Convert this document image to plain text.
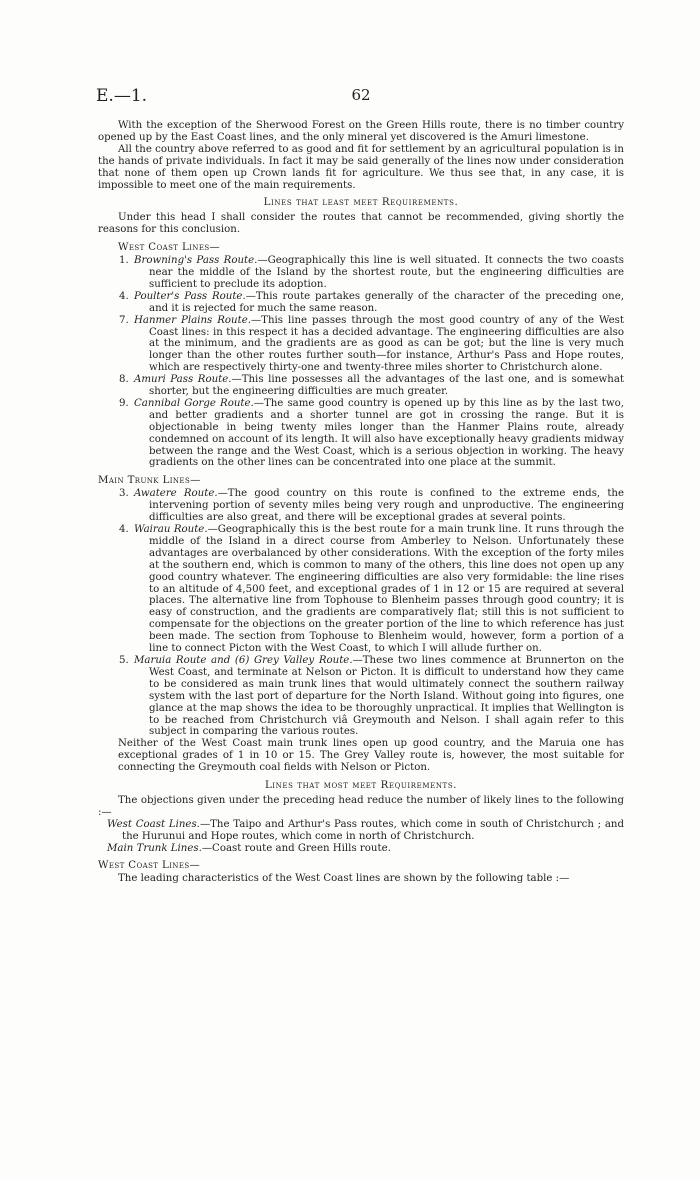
E.—1.	62

With the exception of the Sherwood Forest on the Green Hills route, there is no timber country opened up by the East Coast lines, and the only mineral yet discovered is the Amuri limestone.

All the country above referred to as good and fit for settlement by an agricultural population is in the hands of private individuals. In fact it may be said generally of the lines now under consideration that none of them open up Crown lands fit for agriculture. We thus see that, in any case, it is impossible to meet one of the main requirements.

Lines that least meet Requirements.

Under this head I shall consider the routes that cannot be recommended, giving shortly the reasons for this conclusion.

West Coast Lines—

1. Browning's Pass Route.—Geographically this line is well situated. It connects the two coasts near the middle of the Island by the shortest route, but the engineering difficulties are sufficient to preclude its adoption.

4. Poulter's Pass Route.—This route partakes generally of the character of the preceding one, and it is rejected for much the same reason.

7. Hanmer Plains Route.—This line passes through the most good country of any of the West Coast lines: in this respect it has a decided advantage. The engineering difficulties are also at the minimum, and the gradients are as good as can be got; but the line is very much longer than the other routes further south—for instance, Arthur's Pass and Hope routes, which are respectively thirty-one and twenty-three miles shorter to Christchurch alone.

8. Amuri Pass Route.—This line possesses all the advantages of the last one, and is somewhat shorter, but the engineering difficulties are much greater.

9. Cannibal Gorge Route.—The same good country is opened up by this line as by the last two, and better gradients and a shorter tunnel are got in crossing the range. But it is objectionable in being twenty miles longer than the Hanmer Plains route, already condemned on account of its length. It will also have exceptionally heavy gradients midway between the range and the West Coast, which is a serious objection in working. The heavy gradients on the other lines can be concentrated into one place at the summit.

Main Trunk Lines—

3. Awatere Route.—The good country on this route is confined to the extreme ends, the intervening portion of seventy miles being very rough and unproductive. The engineering difficulties are also great, and there will be exceptional grades at several points.

4. Wairau Route.—Geographically this is the best route for a main trunk line. It runs through the middle of the Island in a direct course from Amberley to Nelson. Unfortunately these advantages are overbalanced by other considerations. With the exception of the forty miles at the southern end, which is common to many of the others, this line does not open up any good country whatever. The engineering difficulties are also very formidable: the line rises to an altitude of 4,500 feet, and exceptional grades of 1 in 12 or 15 are required at several places. The alternative line from Tophouse to Blenheim passes through good country; it is easy of construction, and the gradients are comparatively flat; still this is not sufficient to compensate for the objections on the greater portion of the line to which reference has just been made. The section from Tophouse to Blenheim would, however, form a portion of a line to connect Picton with the West Coast, to which I will allude further on.

5. Maruia Route and (6) Grey Valley Route.—These two lines commence at Brunnerton on the West Coast, and terminate at Nelson or Picton. It is difficult to understand how they came to be considered as main trunk lines that would ultimately connect the southern railway system with the last port of departure for the North Island. Without going into figures, one glance at the map shows the idea to be thoroughly unpractical. It implies that Wellington is to be reached from Christchurch viâ Greymouth and Nelson. I shall again refer to this subject in comparing the various routes.

Neither of the West Coast main trunk lines open up good country, and the Maruia one has exceptional grades of 1 in 10 or 15. The Grey Valley route is, however, the most suitable for connecting the Greymouth coal fields with Nelson or Picton.

Lines that most meet Requirements.

The objections given under the preceding head reduce the number of likely lines to the following :—

West Coast Lines.—The Taipo and Arthur's Pass routes, which come in south of Christchurch ; and the Hurunui and Hope routes, which come in north of Christchurch.

Main Trunk Lines.—Coast route and Green Hills route.

West Coast Lines—

The leading characteristics of the West Coast lines are shown by the following table :—
